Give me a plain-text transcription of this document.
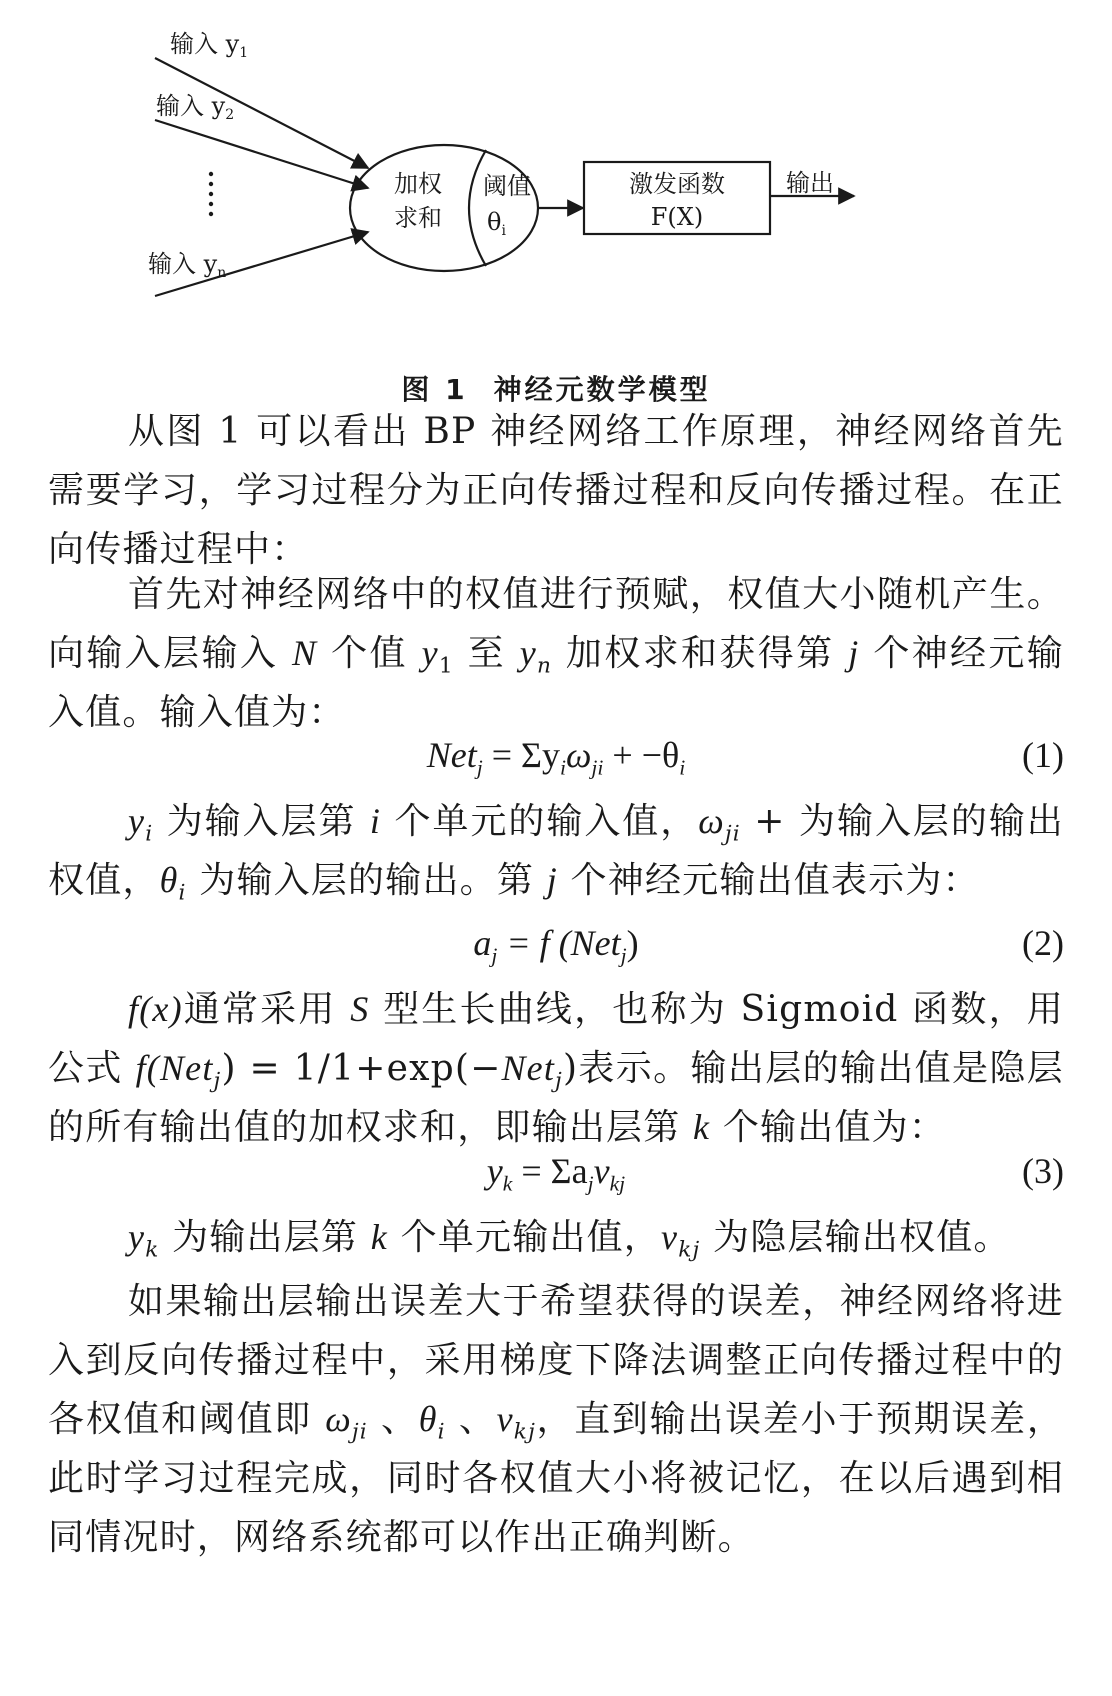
输入 $y_1$
输入 $y_2$
输入 $y_n$
加权
求和
阈值
$\theta_i$
激发函数
F(X)
输出
图 1 神经元数学模型
从图 1 可以看出 BP 神经网络工作原理，神经网络首先需要学习，学习过程分为正向传播过程和反向传播过程。在正向传播过程中：
首先对神经网络中的权值进行预赋，权值大小随机产生。向输入层输入 N 个值 $y_1$ 至 $y_n$ 加权求和获得第 j 个神经元输入值。输入值为：
$Net_j = \Sigma y_i\omega_{ji} + -\theta_i$	(1)
$y_i$ 为输入层第 i 个单元的输入值，$\omega_{ji}$ + 为输入层的输出权值，$\theta_i$ 为输入层的输出。第 j 个神经元输出值表示为：
$a_j = f$ (Net$_j$)	(2)
f(x)通常采用 S 型生长曲线，也称为 Sigmoid 函数，用公式 f(Net$_j$) = 1/1+exp(−Net$_j$)表示。输出层的输出值是隐层的所有输出值的加权求和，即输出层第 k 个输出值为：
$y_k = \Sigma a_jv_{kj}$	(3)
$y_k$ 为输出层第 k 个单元输出值，$v_{kj}$ 为隐层输出权值。
如果输出层输出误差大于希望获得的误差，神经网络将进入到反向传播过程中，采用梯度下降法调整正向传播过程中的各权值和阈值即 $\omega_{ji}$ 、$\theta_i$ 、$v_{kj}$，直到输出误差小于预期误差，此时学习过程完成，同时各权值大小将被记忆，在以后遇到相同情况时，网络系统都可以作出正确判断。
